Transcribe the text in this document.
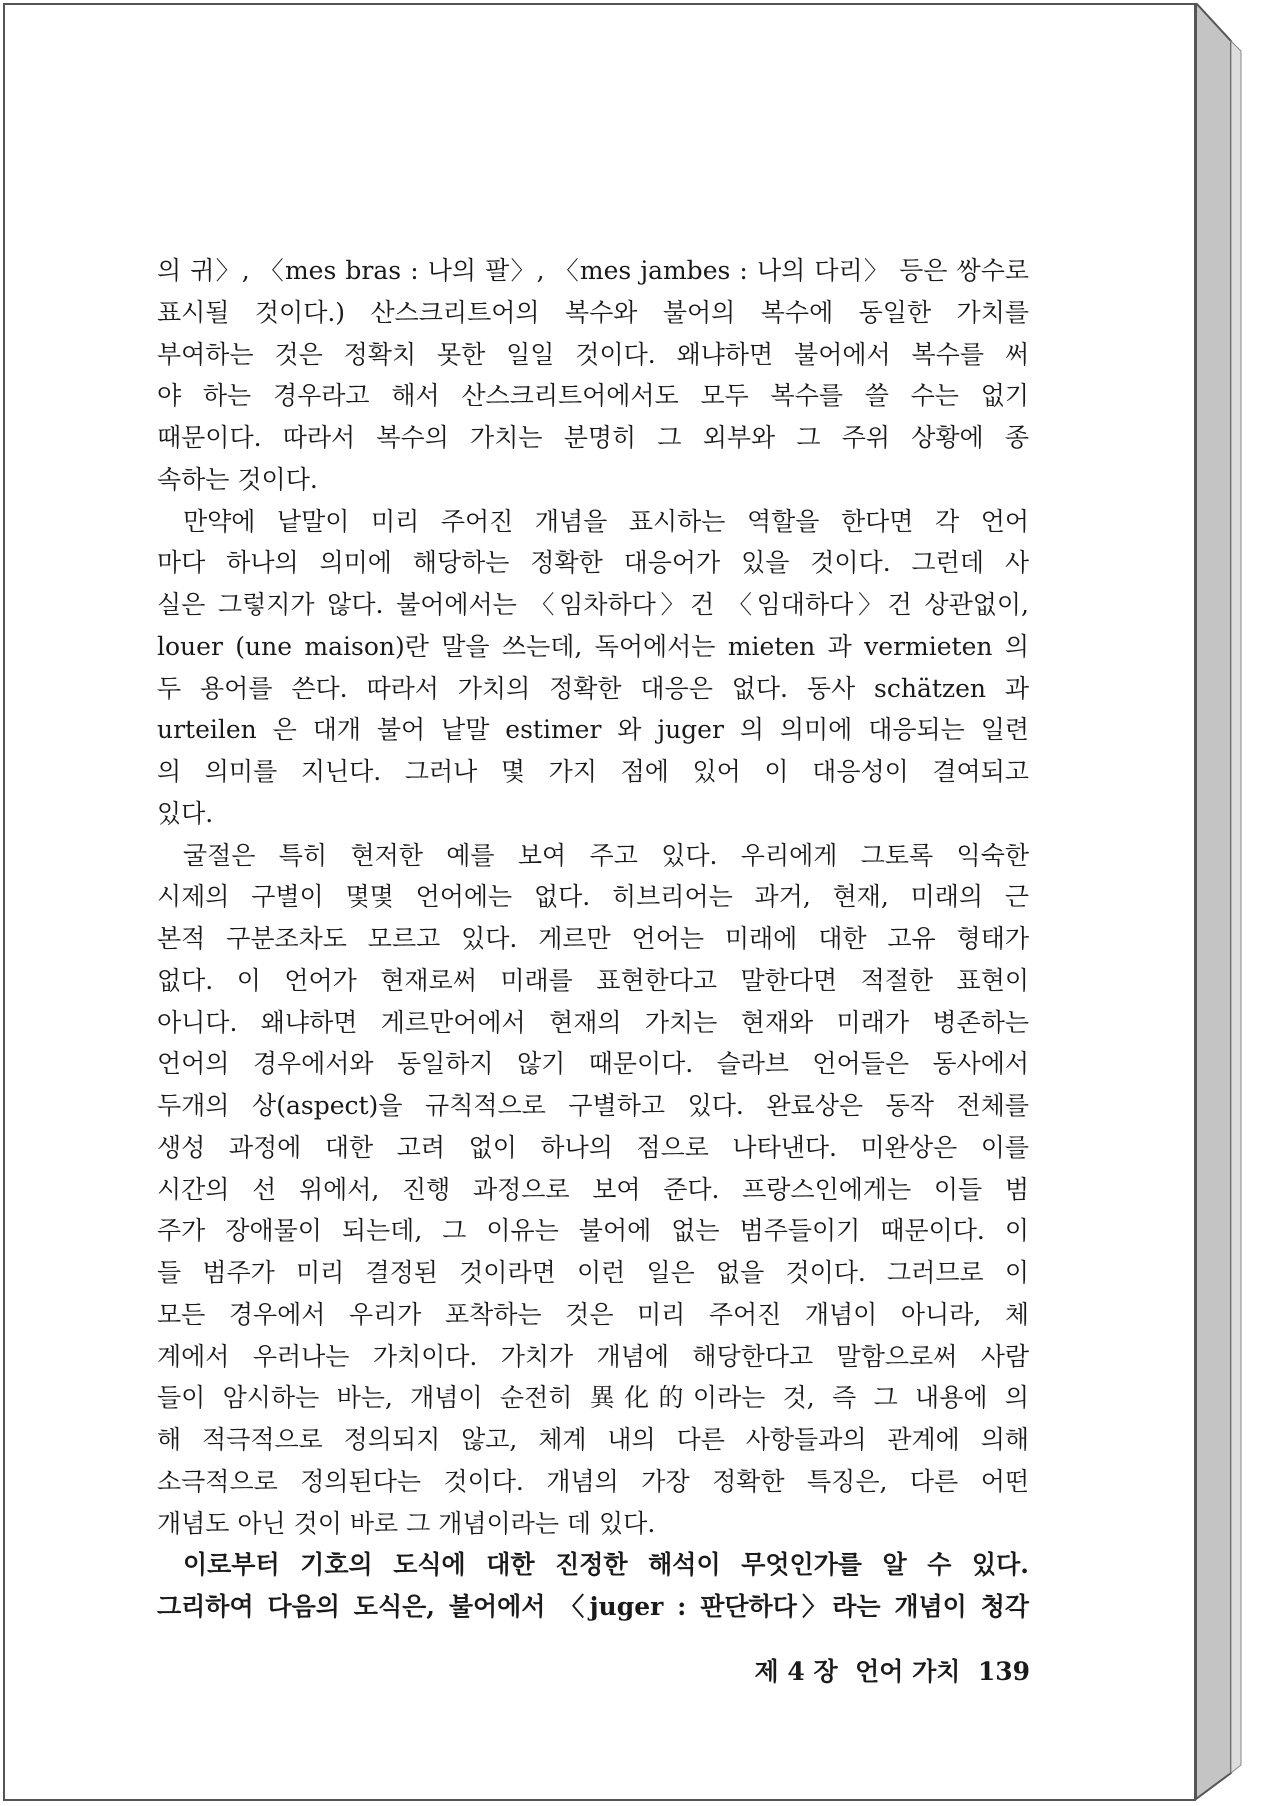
의 귀〉, 〈mes bras : 나의 팔〉, 〈mes jambes : 나의 다리〉 등은 쌍수로
표시될 것이다.) 산스크리트어의 복수와 불어의 복수에 동일한 가치를
부여하는 것은 정확치 못한 일일 것이다. 왜냐하면 불어에서 복수를 써
야 하는 경우라고 해서 산스크리트어에서도 모두 복수를 쓸 수는 없기
때문이다. 따라서 복수의 가치는 분명히 그 외부와 그 주위 상황에 종
속하는 것이다.
만약에 낱말이 미리 주어진 개념을 표시하는 역할을 한다면 각 언어
마다 하나의 의미에 해당하는 정확한 대응어가 있을 것이다. 그런데 사
실은 그렇지가 않다. 불어에서는 〈임차하다〉건 〈임대하다〉건 상관없이,
louer (une maison)란 말을 쓰는데, 독어에서는 mieten 과 vermieten 의
두 용어를 쓴다. 따라서 가치의 정확한 대응은 없다. 동사 schätzen 과
urteilen 은 대개 불어 낱말 estimer 와 juger 의 의미에 대응되는 일련
의 의미를 지닌다. 그러나 몇 가지 점에 있어 이 대응성이 결여되고
있다.
굴절은 특히 현저한 예를 보여 주고 있다. 우리에게 그토록 익숙한
시제의 구별이 몇몇 언어에는 없다. 히브리어는 과거, 현재, 미래의 근
본적 구분조차도 모르고 있다. 게르만 언어는 미래에 대한 고유 형태가
없다. 이 언어가 현재로써 미래를 표현한다고 말한다면 적절한 표현이
아니다. 왜냐하면 게르만어에서 현재의 가치는 현재와 미래가 병존하는
언어의 경우에서와 동일하지 않기 때문이다. 슬라브 언어들은 동사에서
두개의 상(aspect)을 규칙적으로 구별하고 있다. 완료상은 동작 전체를
생성 과정에 대한 고려 없이 하나의 점으로 나타낸다. 미완상은 이를
시간의 선 위에서, 진행 과정으로 보여 준다. 프랑스인에게는 이들 범
주가 장애물이 되는데, 그 이유는 불어에 없는 범주들이기 때문이다. 이
들 범주가 미리 결정된 것이라면 이런 일은 없을 것이다. 그러므로 이
모든 경우에서 우리가 포착하는 것은 미리 주어진 개념이 아니라, 체
계에서 우러나는 가치이다. 가치가 개념에 해당한다고 말함으로써 사람
들이 암시하는 바는, 개념이 순전히 異化的이라는 것, 즉 그 내용에 의
해 적극적으로 정의되지 않고, 체계 내의 다른 사항들과의 관계에 의해
소극적으로 정의된다는 것이다. 개념의 가장 정확한 특징은, 다른 어떤
개념도 아닌 것이 바로 그 개념이라는 데 있다.
이로부터 기호의 도식에 대한 진정한 해석이 무엇인가를 알 수 있다.
그리하여 다음의 도식은, 불어에서 〈juger : 판단하다〉라는 개념이 청각
제 4 장 언어 가치 139
